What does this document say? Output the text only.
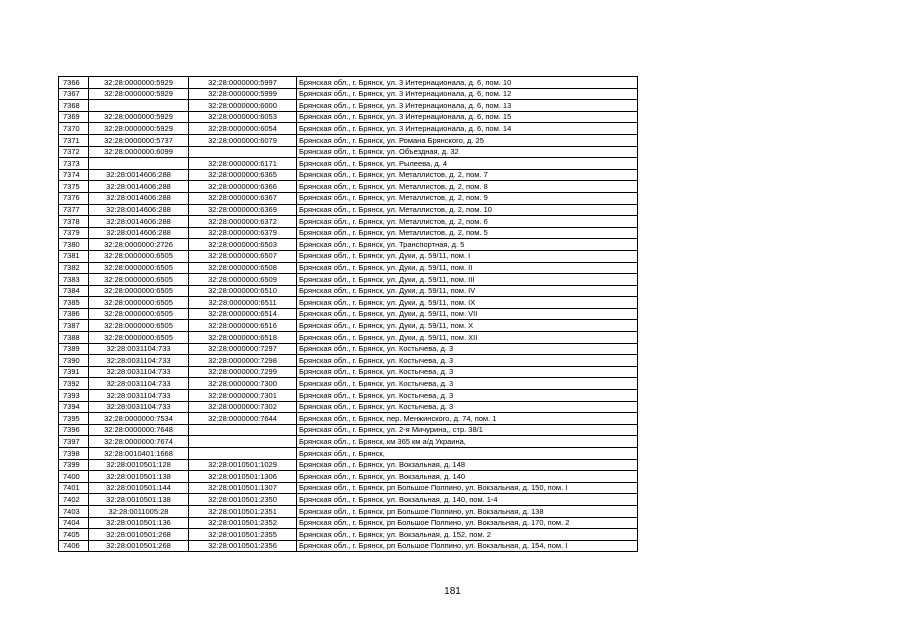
7366	32:28:0000000:5929	32:28:0000000:5997	Брянская обл., г. Брянск, ул. 3 Интернационала, д. 6, пом. 10
7367	32:28:0000000:5929	32:28:0000000:5999	Брянская обл., г. Брянск, ул. 3 Интернационала, д. 6, пом. 12
7368		32:28:0000000:6000	Брянская обл., г. Брянск, ул. 3 Интернационала, д. 6, пом. 13
7369	32:28:0000000:5929	32:28:0000000:6053	Брянская обл., г. Брянск, ул. 3 Интернационала, д. 6, пом. 15
7370	32:28:0000000:5929	32:28:0000000:6054	Брянская обл., г. Брянск, ул. 3 Интернационала, д. 6, пом. 14
7371	32:28:0000000:5737	32:28:0000000:6079	Брянская обл., г. Брянск, ул. Романа Брянского, д. 25
7372	32:28:0000000:6099		Брянская обл., г. Брянск, ул. Объездная, д. 32
7373		32:28:0000000:6171	Брянская обл., г. Брянск, ул. Рылеева, д. 4
7374	32:28:0014606:288	32:28:0000000:6365	Брянская обл., г. Брянск, ул. Металлистов, д. 2, пом. 7
7375	32:28:0014606:288	32:28:0000000:6366	Брянская обл., г. Брянск, ул. Металлистов, д. 2, пом. 8
7376	32:28:0014606:288	32:28:0000000:6367	Брянская обл., г. Брянск, ул. Металлистов, д. 2, пом. 9
7377	32:28:0014606:288	32:28:0000000:6369	Брянская обл., г. Брянск, ул. Металлистов, д. 2, пом. 10
7378	32:28:0014606:288	32:28:0000000:6372	Брянская обл., г. Брянск, ул. Металлистов, д. 2, пом. 6
7379	32:28:0014606:288	32:28:0000000:6379	Брянская обл., г. Брянск, ул. Металлистов, д. 2, пом. 5
7380	32:28:0000000:2726	32:28:0000000:6503	Брянская обл., г. Брянск, ул. Транспортная, д. 5
7381	32:28:0000000:6505	32:28:0000000:6507	Брянская обл., г. Брянск, ул. Дуки, д. 59/11, пом. I
7382	32:28:0000000:6505	32:28:0000000:6508	Брянская обл., г. Брянск, ул. Дуки, д. 59/11, пом. II
7383	32:28:0000000:6505	32:28:0000000:6509	Брянская обл., г. Брянск, ул. Дуки, д. 59/11, пом. III
7384	32:28:0000000:6505	32:28:0000000:6510	Брянская обл., г. Брянск, ул. Дуки, д. 59/11, пом. IV
7385	32:28:0000000:6505	32:28:0000000:6511	Брянская обл., г. Брянск, ул. Дуки, д. 59/11, пом. IX
7386	32:28:0000000:6505	32:28:0000000:6514	Брянская обл., г. Брянск, ул. Дуки, д. 59/11, пом. VII
7387	32:28:0000000:6505	32:28:0000000:6516	Брянская обл., г. Брянск, ул. Дуки, д. 59/11, пом. X
7388	32:28:0000000:6505	32:28:0000000:6518	Брянская обл., г. Брянск, ул. Дуки, д. 59/11, пом. XII
7389	32:28:0031104:733	32:28:0000000:7297	Брянская обл., г. Брянск, ул. Костычева, д. 3
7390	32:28:0031104:733	32:28:0000000:7298	Брянская обл., г. Брянск, ул. Костычева, д. 3
7391	32:28:0031104:733	32:28:0000000:7299	Брянская обл., г. Брянск, ул. Костычева, д. 3
7392	32:28:0031104:733	32:28:0000000:7300	Брянская обл., г. Брянск, ул. Костычева, д. 3
7393	32:28:0031104:733	32:28:0000000:7301	Брянская обл., г. Брянск, ул. Костычева, д. 3
7394	32:28:0031104:733	32:28:0000000:7302	Брянская обл., г. Брянск, ул. Костычева, д. 3
7395	32:28:0000000:7534	32:28:0000000:7644	Брянская обл., г. Брянск, пер. Менжинского, д. 74, пом. 1
7396	32:28:0000000:7648		Брянская обл., г. Брянск, ул. 2-я Мичурина,, стр. 38/1
7397	32:28:0000000:7674		Брянская обл., г. Брянск, км 365 км а/д Украина,
7398	32:28:0010401:1668		Брянская обл., г. Брянск,
7399	32:28:0010501:128	32:28:0010501:1029	Брянская обл., г. Брянск, ул. Вокзальная, д. 148
7400	32:28:0010501:138	32:28:0010501:1306	Брянская обл., г. Брянск, ул. Вокзальная, д. 140
7401	32:28:0010501:144	32:28:0010501:1307	Брянская обл., г. Брянск, рп Большое Полпино, ул. Вокзальная, д. 150, пом. I
7402	32:28:0010501:138	32:28:0010501:2350	Брянская обл., г. Брянск, ул. Вокзальная, д. 140, пом. 1-4
7403	32:28:0011005:28	32:28:0010501:2351	Брянская обл., г. Брянск, рп Большое Полпино, ул. Вокзальная, д. 138
7404	32:28:0010501:136	32:28:0010501:2352	Брянская обл., г. Брянск, рп Большое Полпино, ул. Вокзальная, д. 170, пом. 2
7405	32:28:0010501:268	32:28:0010501:2355	Брянская обл., г. Брянск, ул. Вокзальная, д. 152, пом. 2
7406	32:28:0010501:268	32:28:0010501:2356	Брянская обл., г. Брянск, рп Большое Полпино, ул. Вокзальная, д. 154, пом. I
181
